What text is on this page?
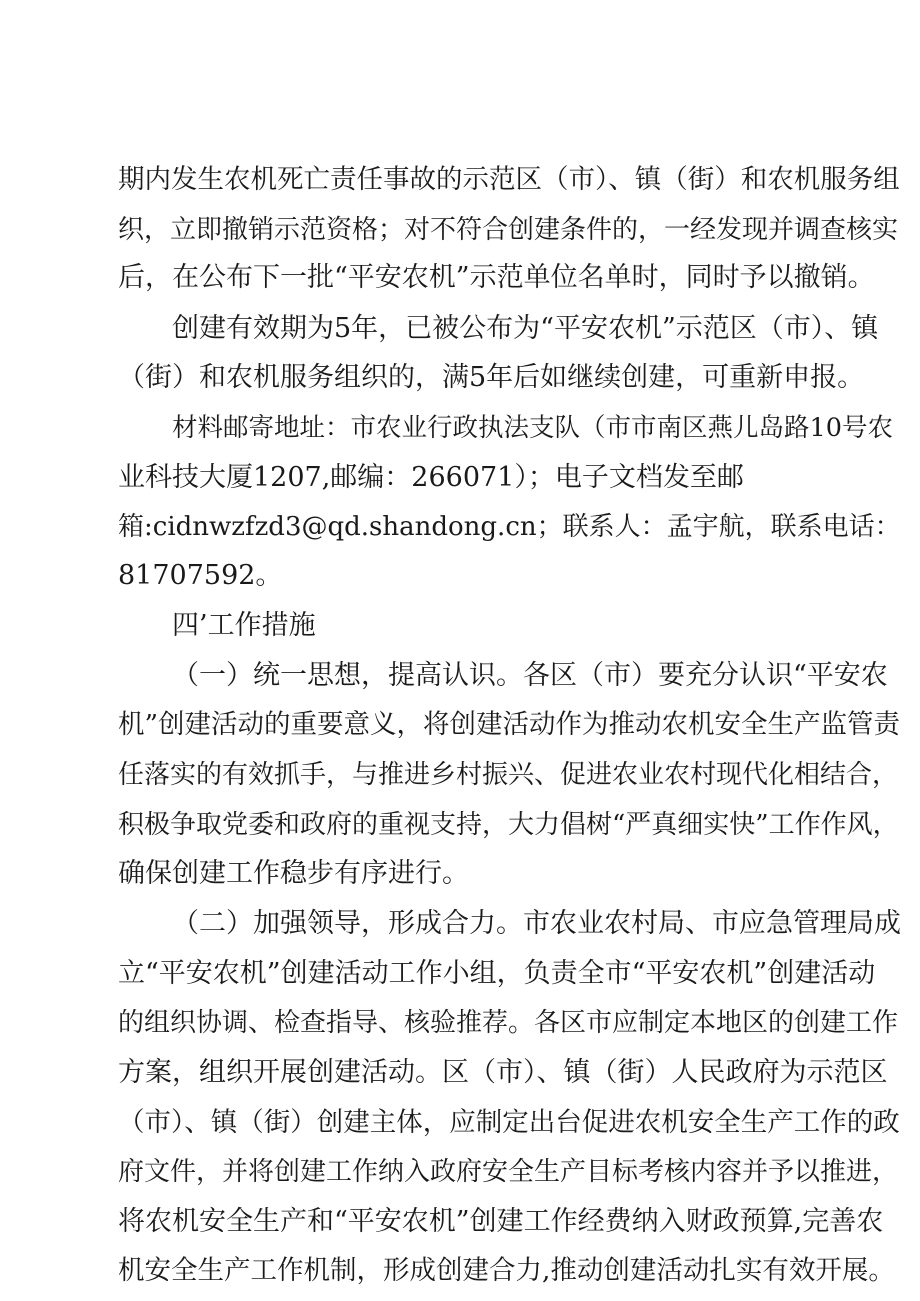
期内发生农机死亡责任事故的示范区（市）、镇（街）和农机服务组
织，立即撤销示范资格；对不符合创建条件的，一经发现并调查核实
后，在公布下一批“平安农机”示范单位名单时，同时予以撤销。
创建有效期为5年，已被公布为“平安农机”示范区（市）、镇
（街）和农机服务组织的，满5年后如继续创建，可重新申报。
材料邮寄地址：市农业行政执法支队（市市南区燕儿岛路10号农
业科技大厦1207,邮编：266071）；电子文档发至邮
箱:cidnwzfzd3@qd.shandong.cn；联系人：孟宇航，联系电话：
81707592。
四’工作措施
（一）统一思想，提高认识。各区（市）要充分认识“平安农
机”创建活动的重要意义，将创建活动作为推动农机安全生产监管责
任落实的有效抓手，与推进乡村振兴、促进农业农村现代化相结合，
积极争取党委和政府的重视支持，大力倡树“严真细实快”工作作风，
确保创建工作稳步有序进行。
（二）加强领导，形成合力。市农业农村局、市应急管理局成
立“平安农机”创建活动工作小组，负责全市“平安农机”创建活动
的组织协调、检查指导、核验推荐。各区市应制定本地区的创建工作
方案，组织开展创建活动。区（市）、镇（街）人民政府为示范区
（市）、镇（街）创建主体，应制定出台促进农机安全生产工作的政
府文件，并将创建工作纳入政府安全生产目标考核内容并予以推进，
将农机安全生产和“平安农机”创建工作经费纳入财政预算,完善农
机安全生产工作机制，形成创建合力,推动创建活动扎实有效开展。
